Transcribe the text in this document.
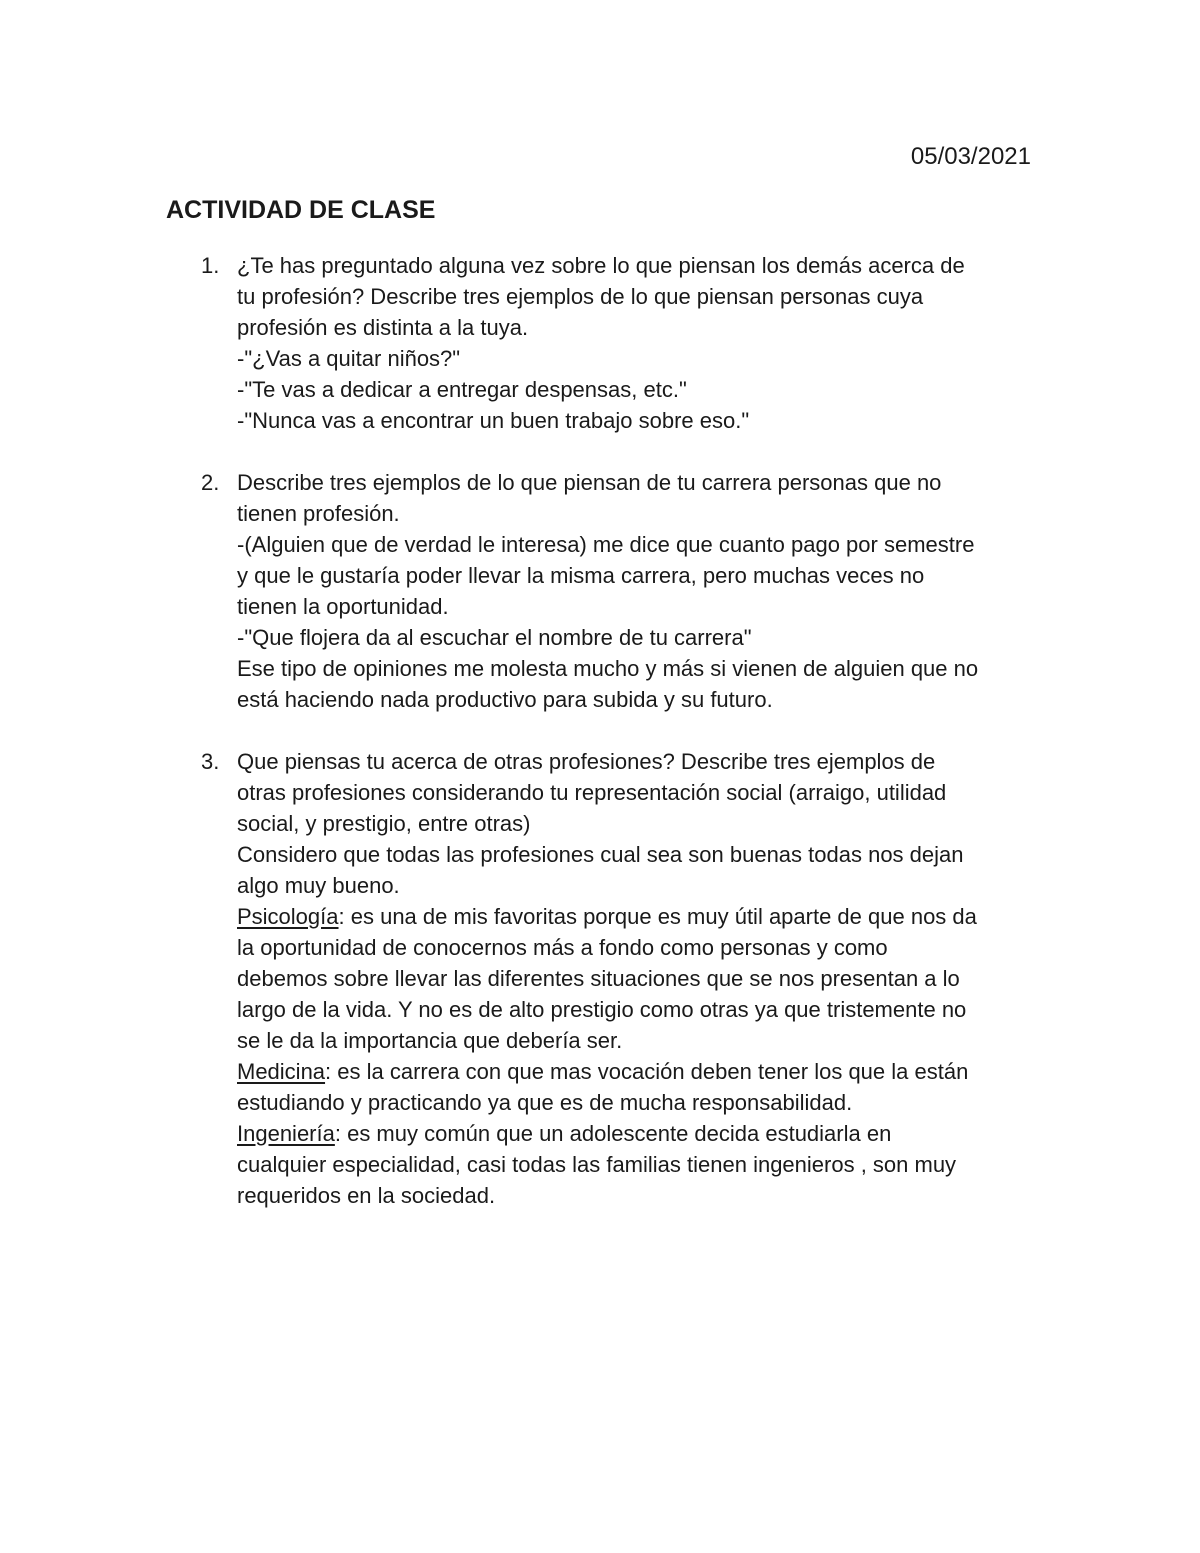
05/03/2021
ACTIVIDAD DE CLASE
1. ¿Te has preguntado alguna vez sobre lo que piensan los demás acerca de
tu profesión? Describe tres ejemplos de lo que piensan personas cuya
profesión es distinta a la tuya.
-"¿Vas a quitar niños?"
-"Te vas a dedicar a entregar despensas, etc."
-"Nunca vas a encontrar un buen trabajo sobre eso."
2. Describe tres ejemplos de lo que piensan de tu carrera personas que no
tienen profesión.
-(Alguien que de verdad le interesa) me dice que cuanto pago por semestre
y que le gustaría poder llevar la misma carrera, pero muchas veces no
tienen la oportunidad.
-"Que flojera da al escuchar el nombre de tu carrera"
Ese tipo de opiniones me molesta mucho y más si vienen de alguien que no
está haciendo nada productivo para subida y su futuro.
3. Que piensas tu acerca de otras profesiones? Describe tres ejemplos de
otras profesiones considerando tu representación social (arraigo, utilidad
social, y prestigio, entre otras)
Considero que todas las profesiones cual sea son buenas todas nos dejan
algo muy bueno.
Psicología: es una de mis favoritas porque es muy útil aparte de que nos da
la oportunidad de conocernos más a fondo como personas y como
debemos sobre llevar las diferentes situaciones que se nos presentan a lo
largo de la vida. Y no es de alto prestigio como otras ya que tristemente no
se le da la importancia que debería ser.
Medicina: es la carrera con que mas vocación deben tener los que la están
estudiando y practicando ya que es de mucha responsabilidad.
Ingeniería: es muy común que un adolescente decida estudiarla en
cualquier especialidad, casi todas las familias tienen ingenieros , son muy
requeridos en la sociedad.
